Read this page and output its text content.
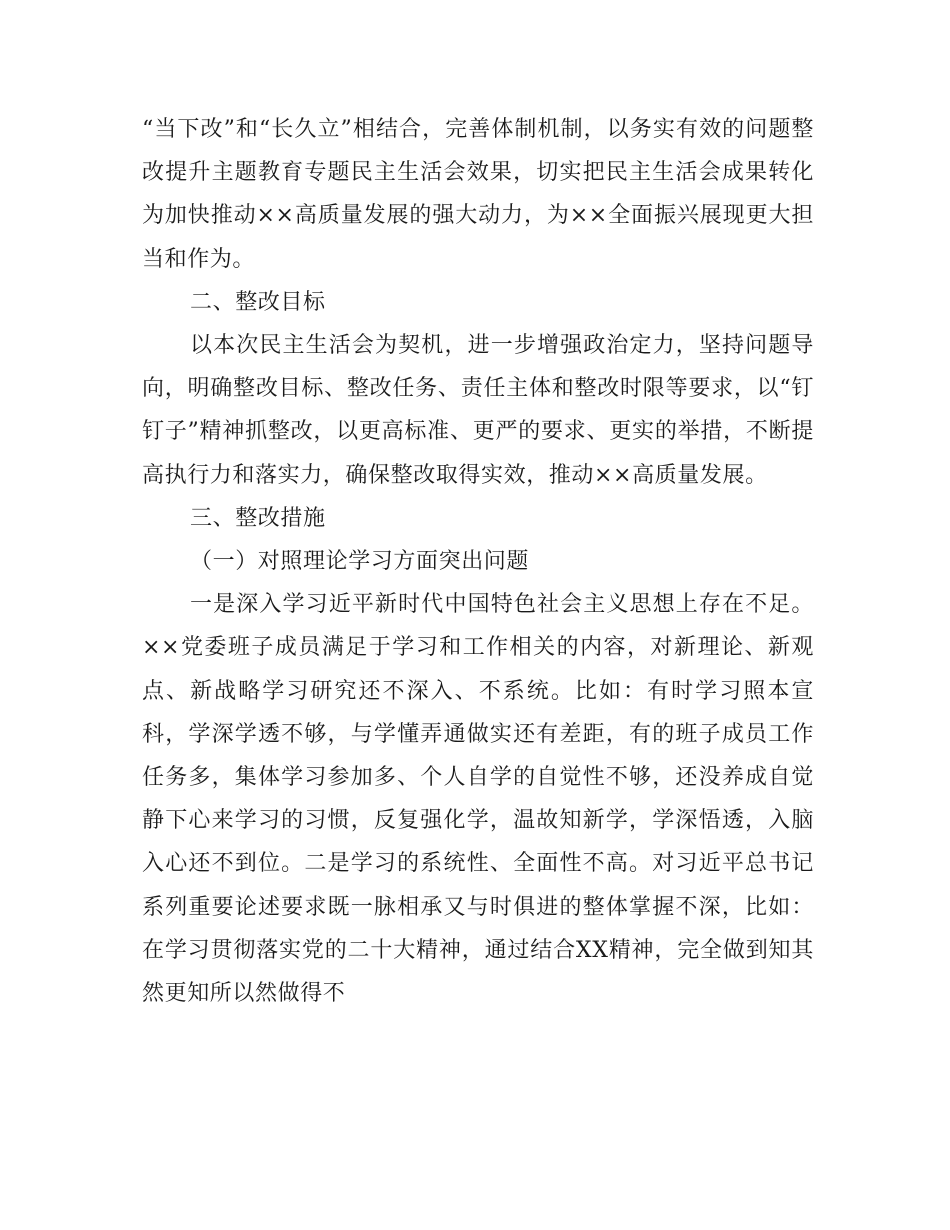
“当下改”和“长久立”相结合，完善体制机制，以务实有效的问题整改提升主题教育专题民主生活会效果，切实把民主生活会成果转化为加快推动××高质量发展的强大动力，为××全面振兴展现更大担当和作为。

二、整改目标

以本次民主生活会为契机，进一步增强政治定力，坚持问题导向，明确整改目标、整改任务、责任主体和整改时限等要求，以“钉钉子”精神抓整改，以更高标准、更严的要求、更实的举措，不断提高执行力和落实力，确保整改取得实效，推动××高质量发展。

三、整改措施

（一）对照理论学习方面突出问题

一是深入学习近平新时代中国特色社会主义思想上存在不足。××党委班子成员满足于学习和工作相关的内容，对新理论、新观点、新战略学习研究还不深入、不系统。比如：有时学习照本宣科，学深学透不够，与学懂弄通做实还有差距，有的班子成员工作任务多，集体学习参加多、个人自学的自觉性不够，还没养成自觉静下心来学习的习惯，反复强化学，温故知新学，学深悟透，入脑入心还不到位。二是学习的系统性、全面性不高。对习近平总书记系列重要论述要求既一脉相承又与时俱进的整体掌握不深，比如：在学习贯彻落实党的二十大精神，通过结合XX精神，完全做到知其然更知所以然做得不
